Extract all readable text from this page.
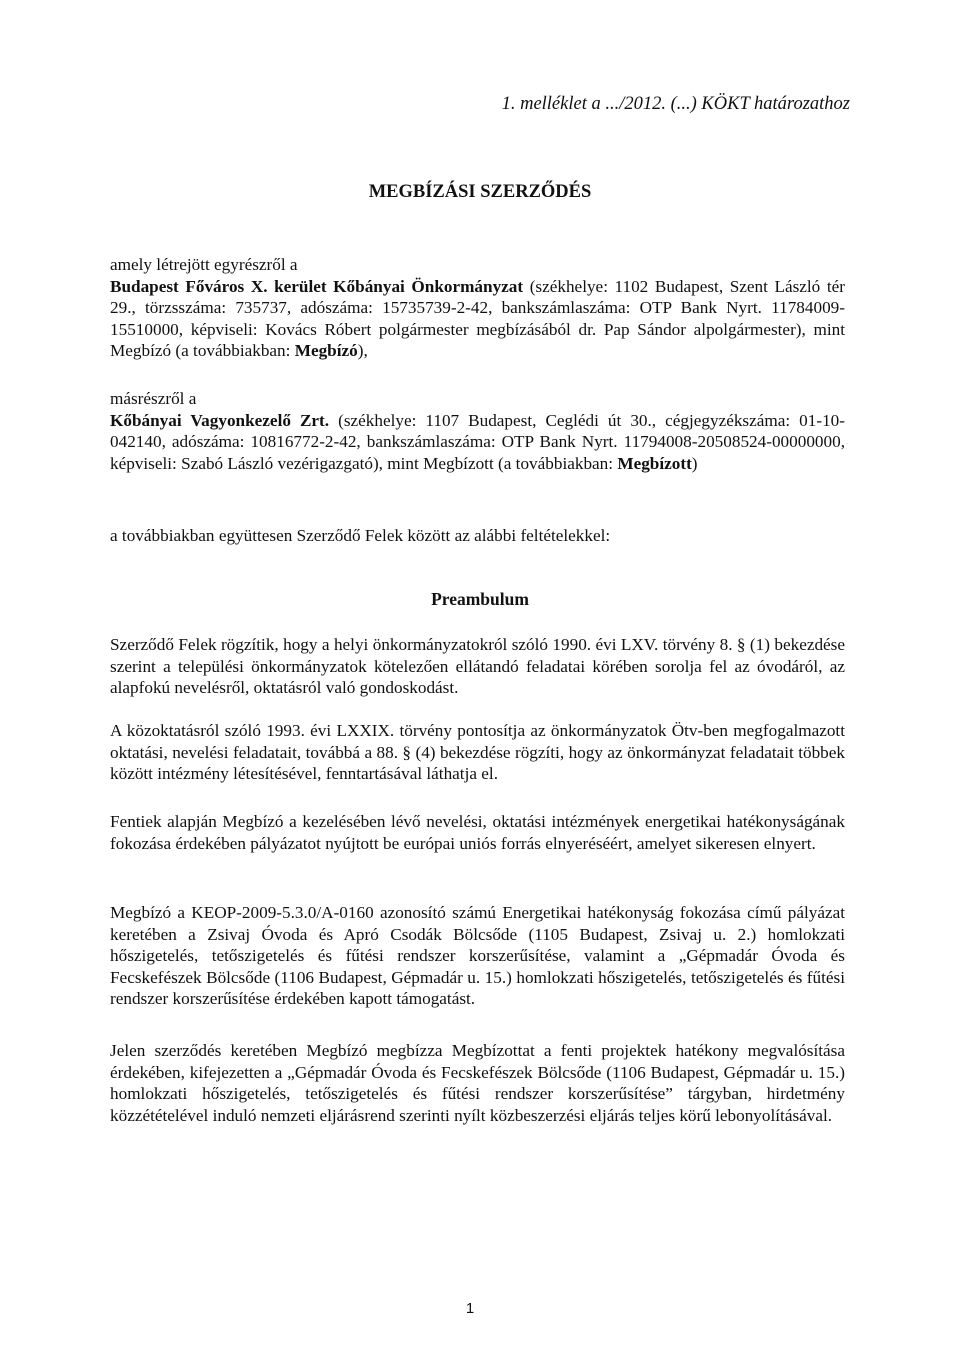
1. melléklet a .../2012. (...) KÖKT határozathoz
MEGBÍZÁSI SZERZŐDÉS
amely létrejött egyrészről a
Budapest Főváros X. kerület Kőbányai Önkormányzat (székhelye: 1102 Budapest, Szent László tér 29., törzsszáma: 735737, adószáma: 15735739-2-42, bankszámlaszáma: OTP Bank Nyrt. 11784009-15510000, képviseli: Kovács Róbert polgármester megbízásából dr. Pap Sándor alpolgármester), mint Megbízó (a továbbiakban: Megbízó),
másrészről a
Kőbányai Vagyonkezelő Zrt. (székhelye: 1107 Budapest, Ceglédi út 30., cégjegyzékszáma: 01-10-042140, adószáma: 10816772-2-42, bankszámlaszáma: OTP Bank Nyrt. 11794008-20508524-00000000, képviseli: Szabó László vezérigazgató), mint Megbízott (a továbbiakban: Megbízott)
a továbbiakban együttesen Szerződő Felek között az alábbi feltételekkel:
Preambulum
Szerződő Felek rögzítik, hogy a helyi önkormányzatokról szóló 1990. évi LXV. törvény 8. § (1) bekezdése szerint a települési önkormányzatok kötelezően ellátandó feladatai körében sorolja fel az óvodáról, az alapfokú nevelésről, oktatásról való gondoskodást.
A közoktatásról szóló 1993. évi LXXIX. törvény pontosítja az önkormányzatok Ötv-ben megfogalmazott oktatási, nevelési feladatait, továbbá a 88. § (4) bekezdése rögzíti, hogy az önkormányzat feladatait többek között intézmény létesítésével, fenntartásával láthatja el.
Fentiek alapján Megbízó a kezelésében lévő nevelési, oktatási intézmények energetikai hatékonyságának fokozása érdekében pályázatot nyújtott be európai uniós forrás elnyeréséért, amelyet sikeresen elnyert.
Megbízó a KEOP-2009-5.3.0/A-0160 azonosító számú Energetikai hatékonyság fokozása című pályázat keretében a Zsivaj Óvoda és Apró Csodák Bölcsőde (1105 Budapest, Zsivaj u. 2.) homlokzati hőszigetelés, tetőszigetelés és fűtési rendszer korszerűsítése, valamint a „Gépmadár Óvoda és Fecskefészek Bölcsőde (1106 Budapest, Gépmadár u. 15.) homlokzati hőszigetelés, tetőszigetelés és fűtési rendszer korszerűsítése érdekében kapott támogatást.
Jelen szerződés keretében Megbízó megbízza Megbízottat a fenti projektek hatékony megvalósítása érdekében, kifejezetten a „Gépmadár Óvoda és Fecskefészek Bölcsőde (1106 Budapest, Gépmadár u. 15.) homlokzati hőszigetelés, tetőszigetelés és fűtési rendszer korszerűsítése” tárgyban, hirdetmény közzétételével induló nemzeti eljárásrend szerinti nyílt közbeszerzési eljárás teljes körű lebonyolításával.
1
